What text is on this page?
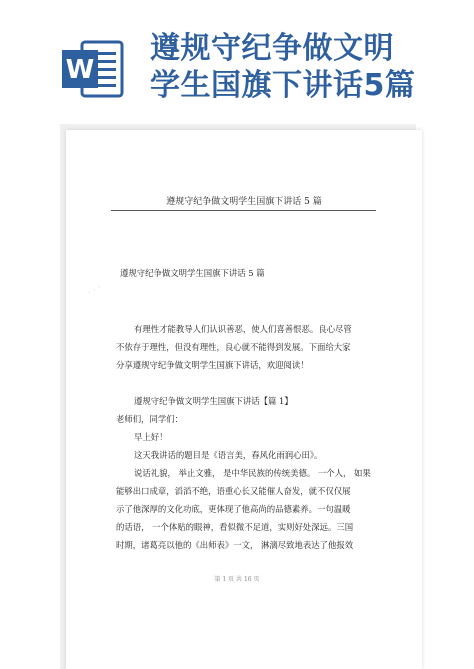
W
遵规守纪争做文明
学生国旗下讲话5篇
···
遵规守纪争做文明学生国旗下讲话 5 篇
遵规守纪争做文明学生国旗下讲话 5 篇
有理性才能教导人们认识善恶，使人们喜善恨恶。良心尽管
不依存于理性，但没有理性，良心就不能得到发展。下面给大家
分享遵规守纪争做文明学生国旗下讲话，欢迎阅读！
遵规守纪争做文明学生国旗下讲话【篇 1】
老师们，同学们：
早上好！
这天我讲话的题目是《语言美，春风化雨润心田》。
说话礼貌， 举止文雅， 是中华民族的传统美德。 一个人， 如果
能够出口成章，滔滔不绝，语重心长又能催人奋发，就不仅仅展
示了他深厚的文化功底，更体现了他高尚的品德素养。一句温暖
的话语， 一个体贴的眼神，看似微不足道，实则好处深远。三国
时期，诸葛亮以他的《出师表》一文， 淋漓尽致地表达了他报效
第 1 页 共 16 页
